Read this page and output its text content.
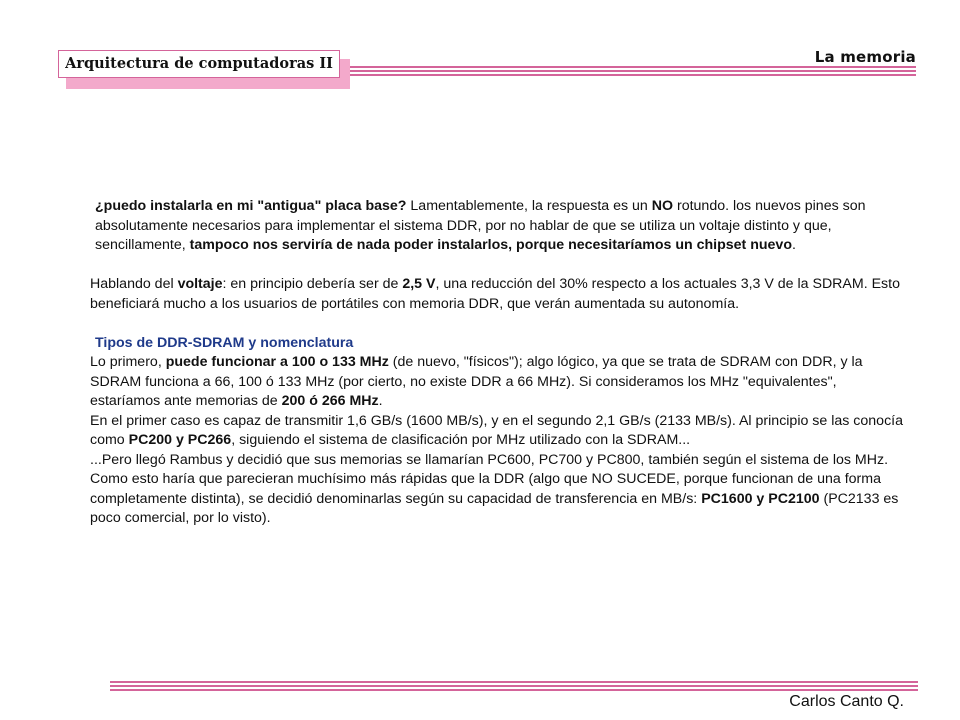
Arquitectura de computadoras II	La memoria

¿puedo instalarla en mi "antigua" placa base? Lamentablemente, la respuesta es un NO rotundo. los nuevos pines son absolutamente necesarios para implementar el sistema DDR, por no hablar de que se utiliza un voltaje distinto y que, sencillamente, tampoco nos serviría de nada poder instalarlos, porque necesitaríamos un chipset nuevo.

Hablando del voltaje: en principio debería ser de 2,5 V, una reducción del 30% respecto a los actuales 3,3 V de la SDRAM. Esto beneficiará mucho a los usuarios de portátiles con memoria DDR, que verán aumentada su autonomía.

Tipos de DDR-SDRAM y nomenclatura

Lo primero, puede funcionar a 100 o 133 MHz (de nuevo, "físicos"); algo lógico, ya que se trata de SDRAM con DDR, y la SDRAM funciona a 66, 100 ó 133 MHz (por cierto, no existe DDR a 66 MHz). Si consideramos los MHz "equivalentes", estaríamos ante memorias de 200 ó 266 MHz.

En el primer caso es capaz de transmitir 1,6 GB/s (1600 MB/s), y en el segundo 2,1 GB/s (2133 MB/s). Al principio se las conocía como PC200 y PC266, siguiendo el sistema de clasificación por MHz utilizado con la SDRAM...

...Pero llegó Rambus y decidió que sus memorias se llamarían PC600, PC700 y PC800, también según el sistema de los MHz. Como esto haría que parecieran muchísimo más rápidas que la DDR (algo que NO SUCEDE, porque funcionan de una forma completamente distinta), se decidió denominarlas según su capacidad de transferencia en MB/s: PC1600 y PC2100 (PC2133 es poco comercial, por lo visto).

Carlos Canto Q.
